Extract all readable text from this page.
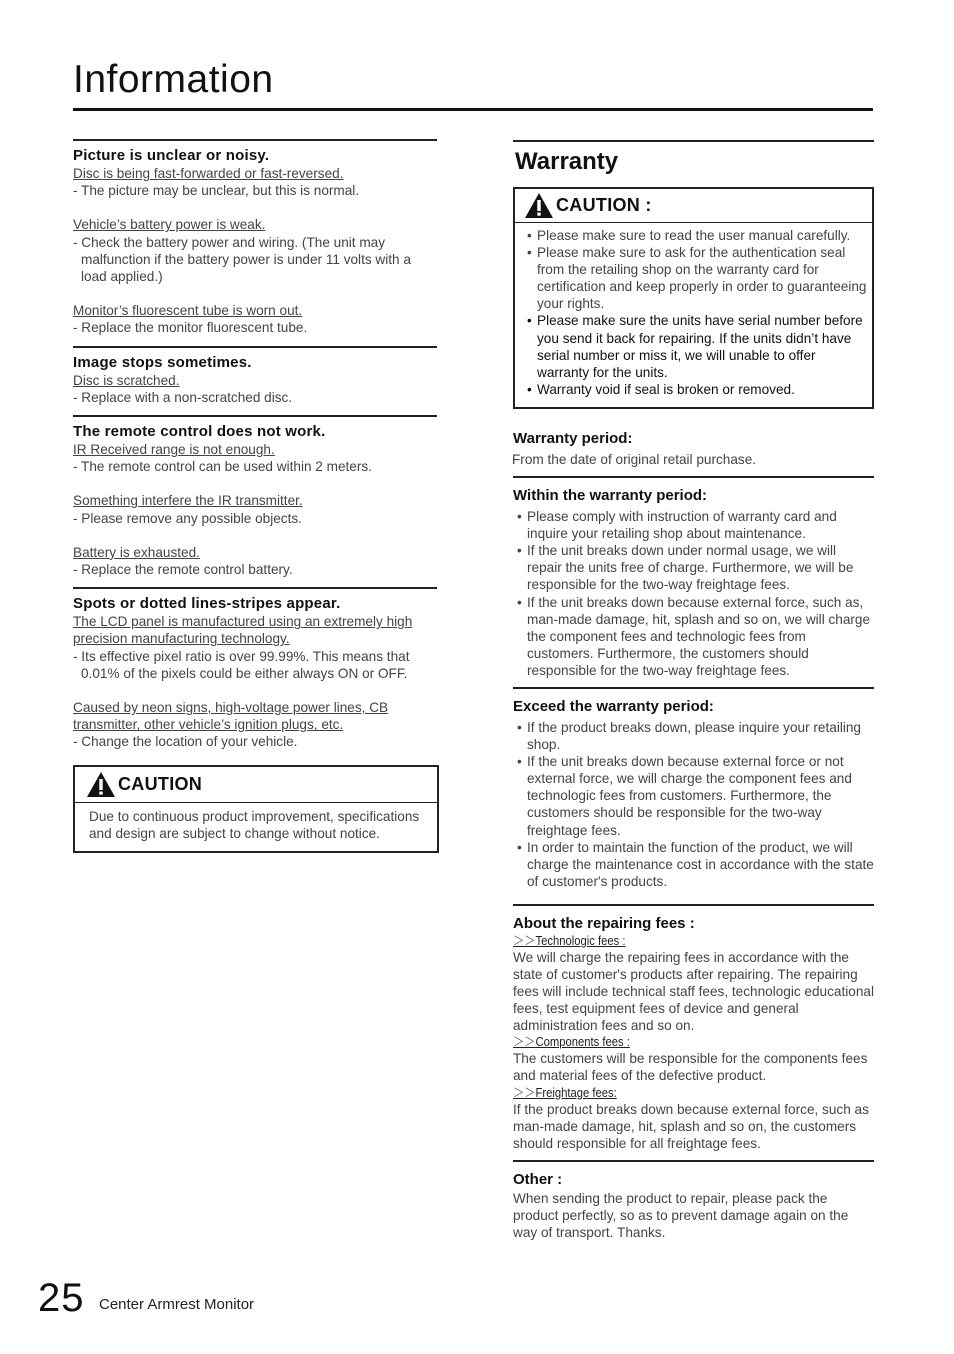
Information
Picture is unclear or noisy.
Disc is being fast-forwarded or fast-reversed.
- The picture may be unclear, but this is normal.
Vehicle’s battery power is weak.
- Check the battery power and wiring. (The unit may malfunction if the battery power is under 11 volts with a load applied.)
Monitor’s fluorescent tube is worn out.
- Replace the monitor fluorescent tube.
Image stops sometimes.
Disc is scratched.
- Replace with a non-scratched disc.
The remote control does not work.
IR Received range is not enough.
- The remote control can be used within 2 meters.
Something interfere the IR transmitter.
- Please remove any possible objects.
Battery is exhausted.
- Replace the remote control battery.
Spots or dotted lines-stripes appear.
The LCD panel is manufactured using an extremely high precision manufacturing technology.
- Its effective pixel ratio is over 99.99%. This means that 0.01% of the pixels could be either always ON or OFF.
Caused by neon signs, high-voltage power lines, CB transmitter, other vehicle’s ignition plugs, etc.
- Change the location of your vehicle.
CAUTION
Due to continuous product improvement, specifications and design are subject to change without notice.
Warranty
CAUTION :
• Please make sure to read the user manual carefully.
• Please make sure to ask for the authentication seal from the retailing shop on the warranty card for certification and keep properly in order to guaranteeing your rights.
• Please make sure the units have serial number before you send it back for repairing. If the units didn’t have serial number or miss it, we will unable to offer warranty for the units.
• Warranty void if seal is broken or removed.
Warranty period:
From the date of original retail purchase.
Within the warranty period:
• Please comply with instruction of warranty card and inquire your retailing shop about maintenance.
• If the unit breaks down under normal usage, we will repair the units free of charge. Furthermore, we will be responsible for the two-way freightage fees.
• If the unit breaks down because external force, such as, man-made damage, hit, splash and so on, we will charge the component fees and technologic fees from customers. Furthermore, the customers should responsible for the two-way freightage fees.
Exceed the warranty period:
• If the product breaks down, please inquire your retailing shop.
• If the unit breaks down because external force or not external force, we will charge the component fees and technologic fees from customers. Furthermore, the customers should be responsible for the two-way freightage fees.
• In order to maintain the function of the product, we will charge the maintenance cost in accordance with the state of customer's products.
About the repairing fees :
＞＞Technologic fees :
We will charge the repairing fees in accordance with the state of customer's products after repairing. The repairing fees will include technical staff fees, technologic educational fees, test equipment fees of device and general administration fees and so on.
＞＞Components fees :
The customers will be responsible for the components fees and material fees of the defective product.
＞＞Freightage fees:
If the product breaks down because external force, such as man-made damage, hit, splash and so on, the customers should responsible for all freightage fees.
Other :
When sending the product to repair, please pack the product perfectly, so as to prevent damage again on the way of transport. Thanks.
25 Center Armrest Monitor
